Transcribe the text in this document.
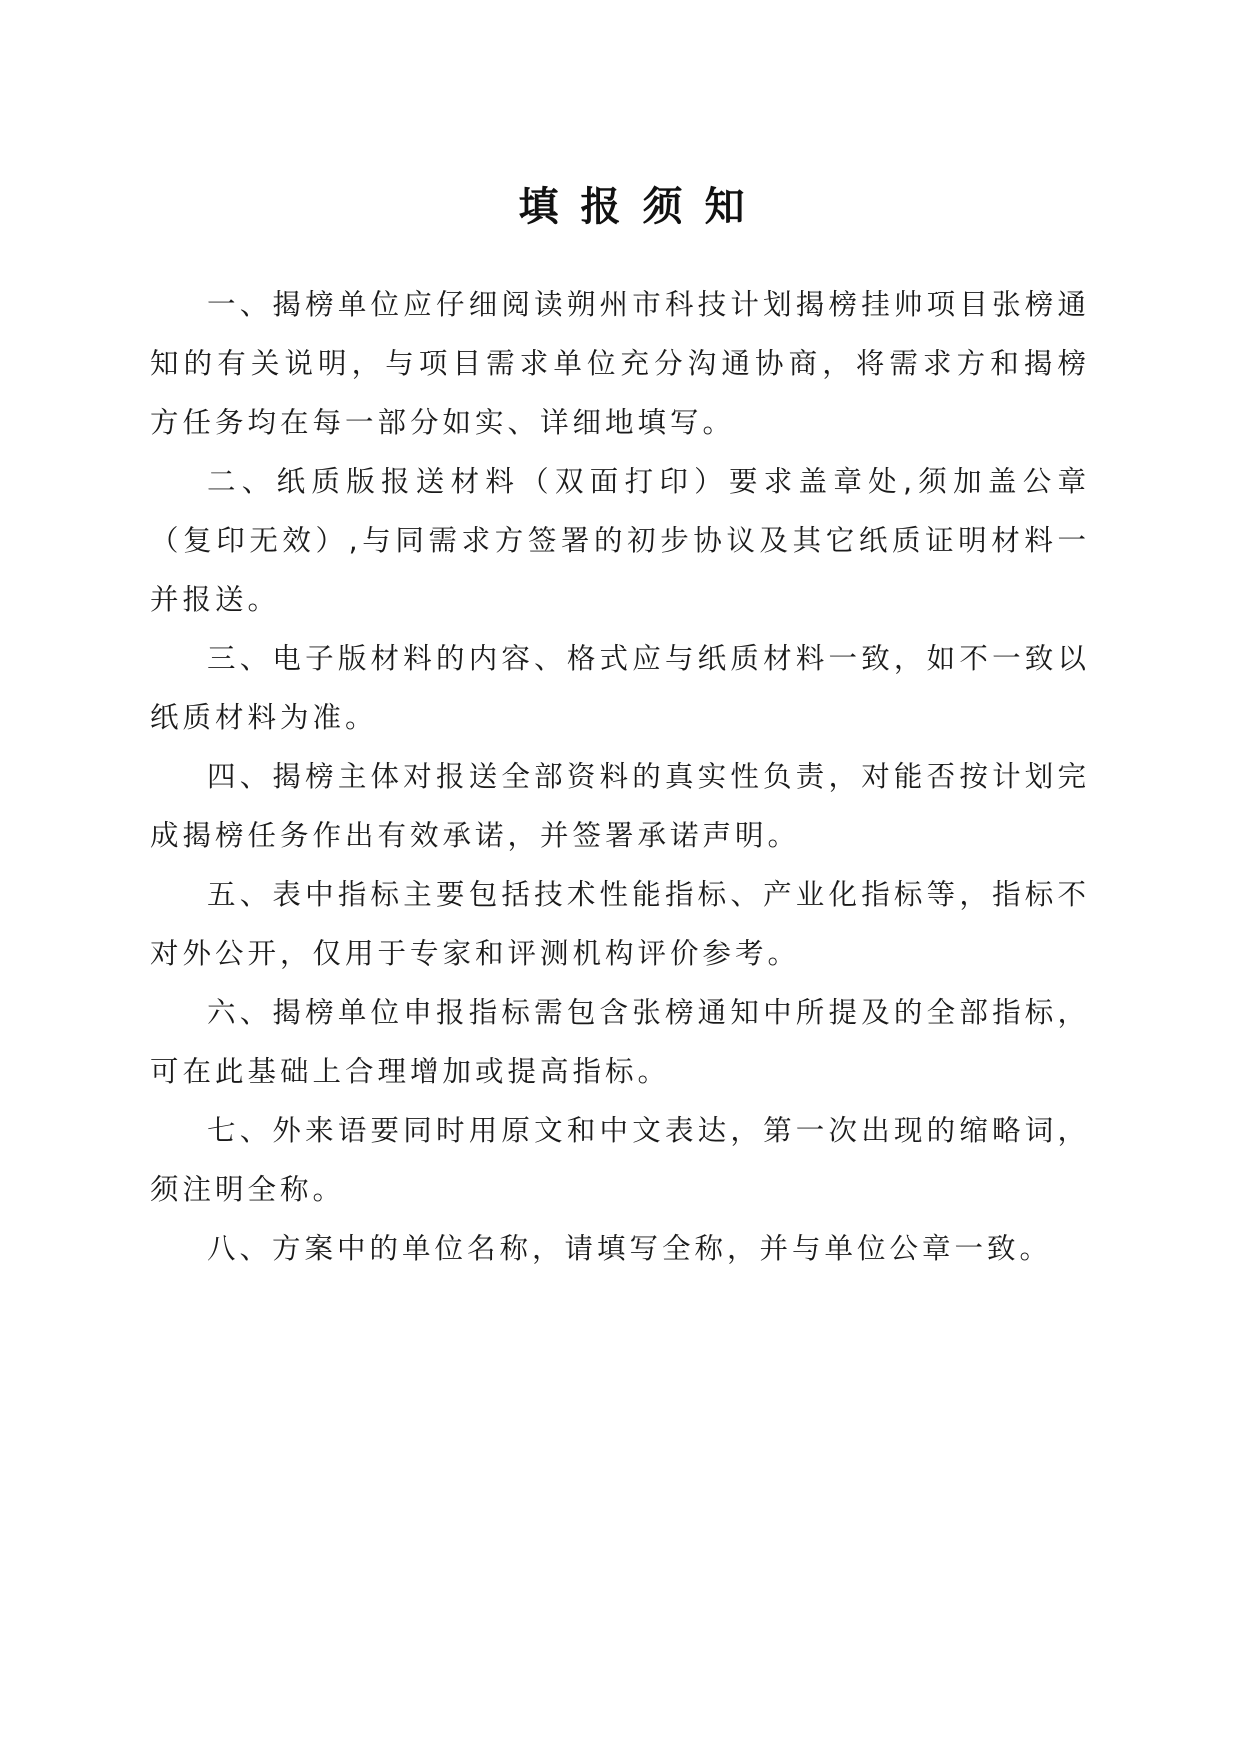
填报须知

一、揭榜单位应仔细阅读朔州市科技计划揭榜挂帅项目张榜通知的有关说明，与项目需求单位充分沟通协商，将需求方和揭榜方任务均在每一部分如实、详细地填写。

二、纸质版报送材料（双面打印）要求盖章处,须加盖公章（复印无效）,与同需求方签署的初步协议及其它纸质证明材料一并报送。

三、电子版材料的内容、格式应与纸质材料一致，如不一致以纸质材料为准。

四、揭榜主体对报送全部资料的真实性负责，对能否按计划完成揭榜任务作出有效承诺，并签署承诺声明。

五、表中指标主要包括技术性能指标、产业化指标等，指标不对外公开，仅用于专家和评测机构评价参考。

六、揭榜单位申报指标需包含张榜通知中所提及的全部指标，可在此基础上合理增加或提高指标。

七、外来语要同时用原文和中文表达，第一次出现的缩略词，须注明全称。

八、方案中的单位名称，请填写全称，并与单位公章一致。
